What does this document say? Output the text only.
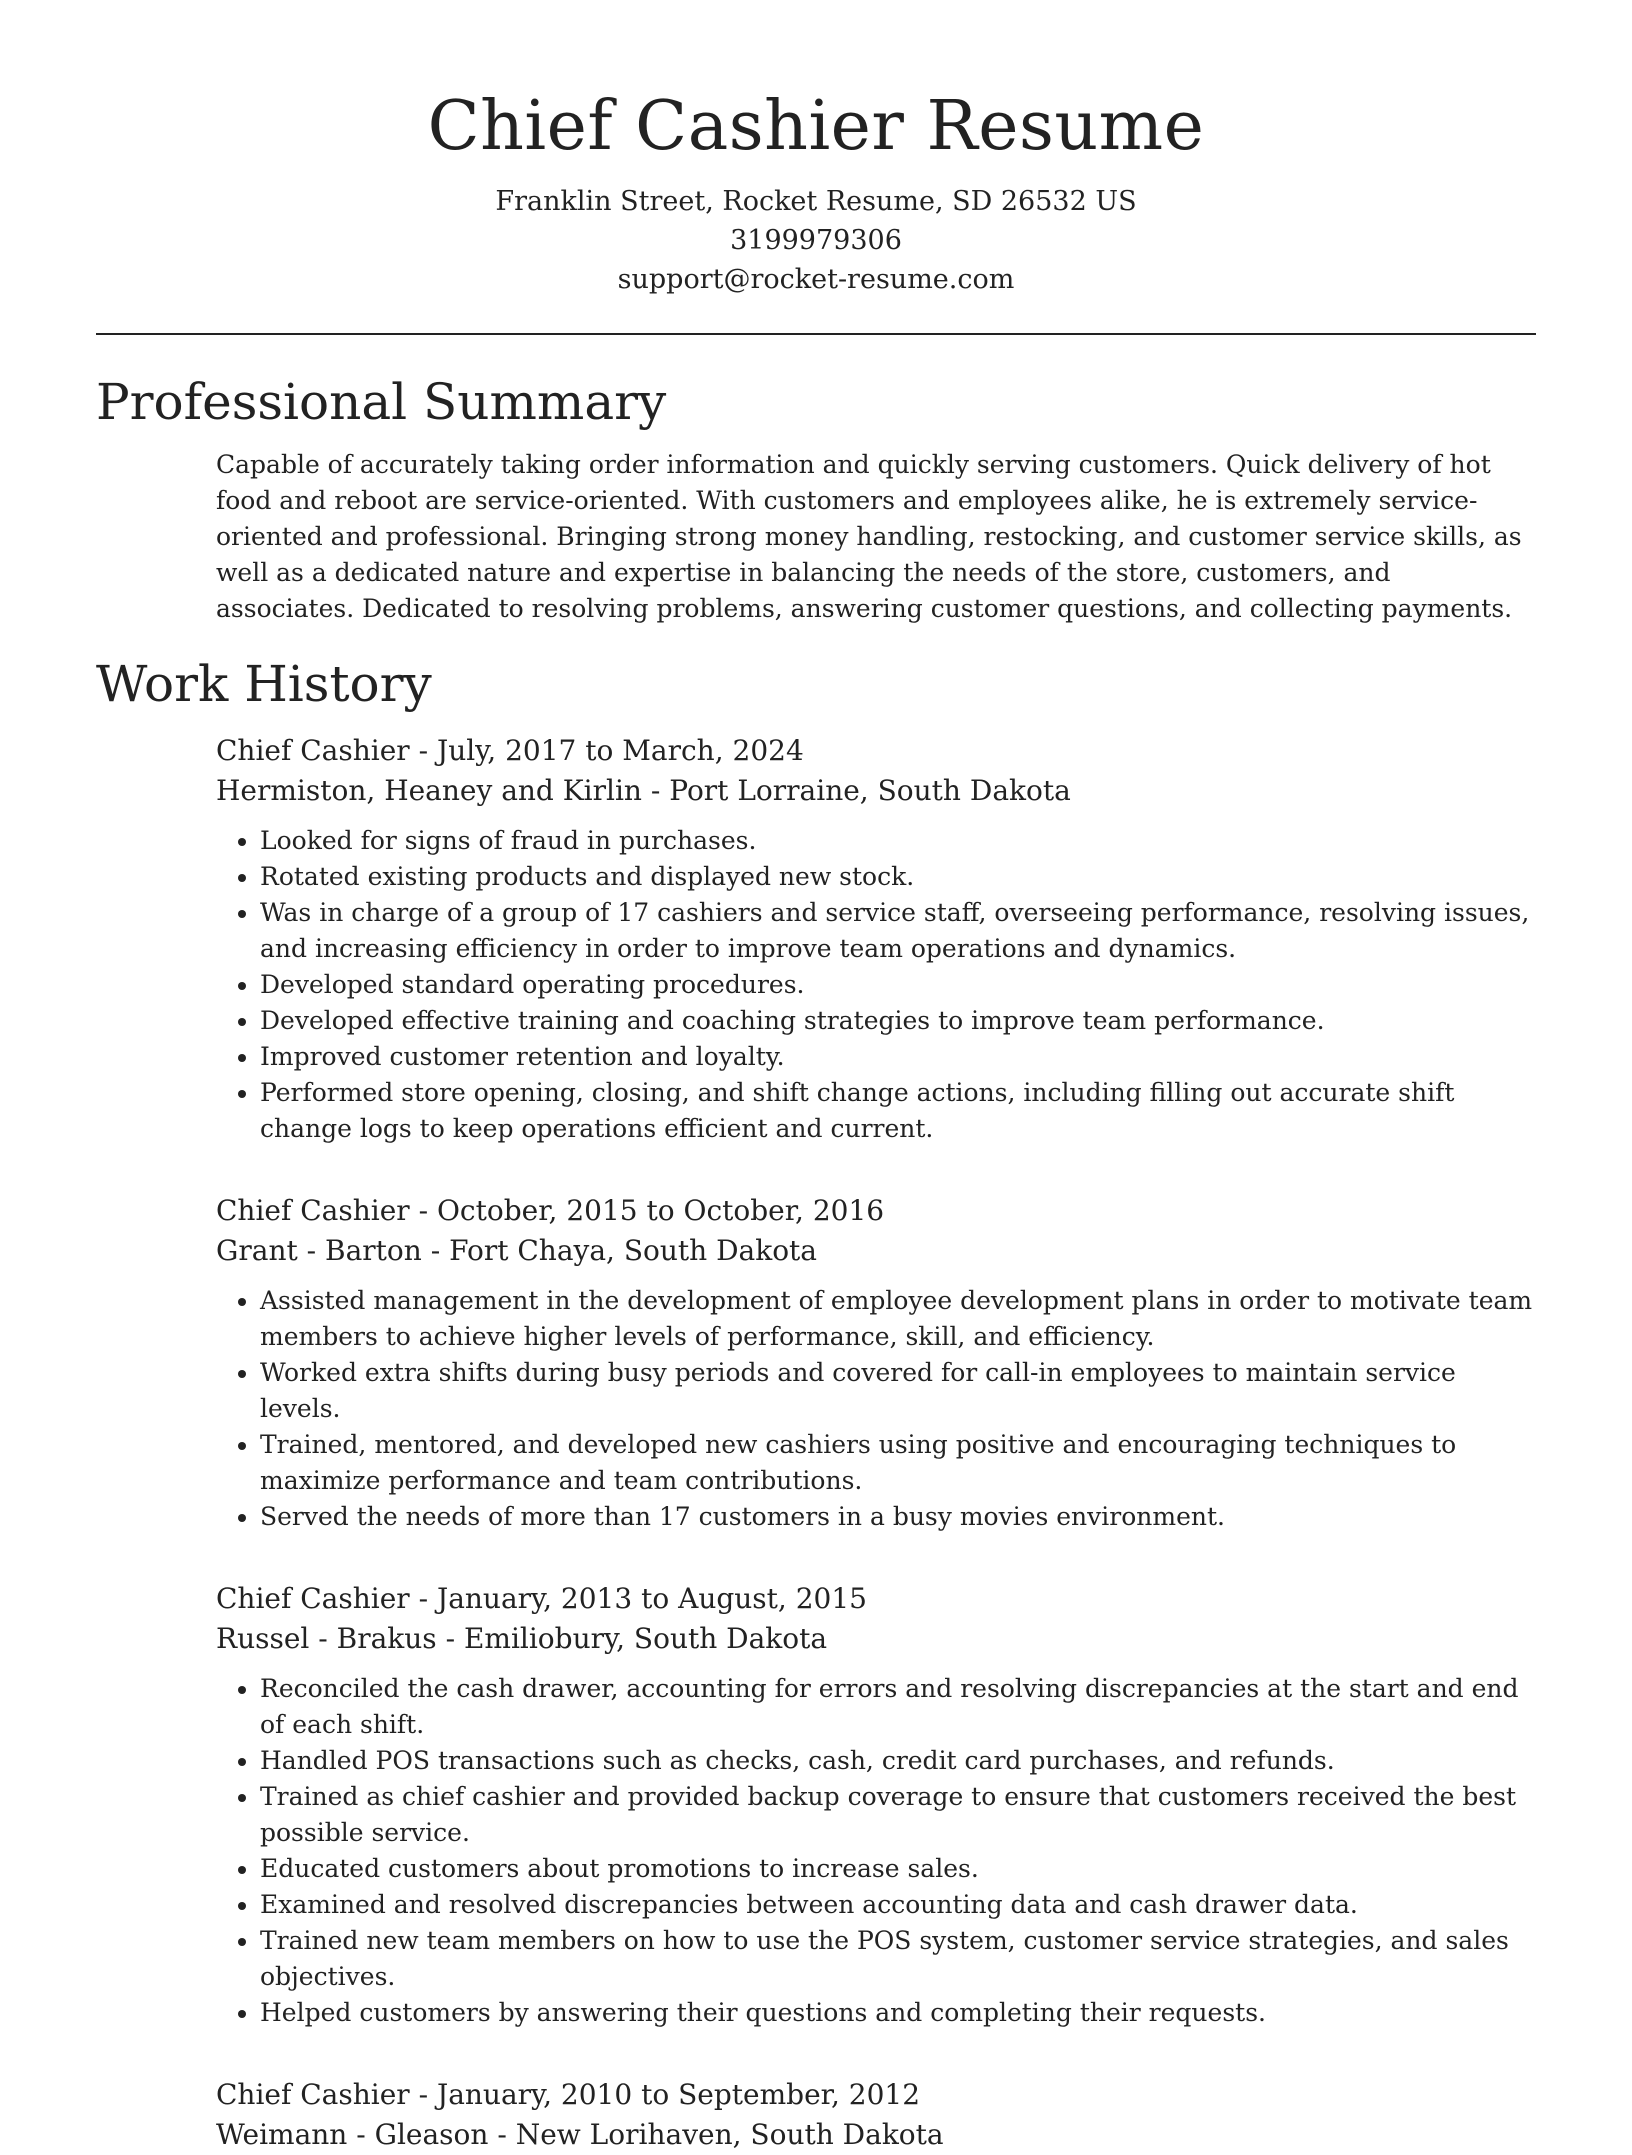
Chief Cashier Resume
Franklin Street, Rocket Resume, SD 26532 US
3199979306
support@rocket-resume.com
Professional Summary
Capable of accurately taking order information and quickly serving customers. Quick delivery of hot food and reboot are service-oriented. With customers and employees alike, he is extremely service-oriented and professional. Bringing strong money handling, restocking, and customer service skills, as well as a dedicated nature and expertise in balancing the needs of the store, customers, and associates. Dedicated to resolving problems, answering customer questions, and collecting payments.
Work History
Chief Cashier - July, 2017 to March, 2024
Hermiston, Heaney and Kirlin - Port Lorraine, South Dakota
• Looked for signs of fraud in purchases.
• Rotated existing products and displayed new stock.
• Was in charge of a group of 17 cashiers and service staff, overseeing performance, resolving issues, and increasing efficiency in order to improve team operations and dynamics.
• Developed standard operating procedures.
• Developed effective training and coaching strategies to improve team performance.
• Improved customer retention and loyalty.
• Performed store opening, closing, and shift change actions, including filling out accurate shift change logs to keep operations efficient and current.
Chief Cashier - October, 2015 to October, 2016
Grant - Barton - Fort Chaya, South Dakota
• Assisted management in the development of employee development plans in order to motivate team members to achieve higher levels of performance, skill, and efficiency.
• Worked extra shifts during busy periods and covered for call-in employees to maintain service levels.
• Trained, mentored, and developed new cashiers using positive and encouraging techniques to maximize performance and team contributions.
• Served the needs of more than 17 customers in a busy movies environment.
Chief Cashier - January, 2013 to August, 2015
Russel - Brakus - Emiliobury, South Dakota
• Reconciled the cash drawer, accounting for errors and resolving discrepancies at the start and end of each shift.
• Handled POS transactions such as checks, cash, credit card purchases, and refunds.
• Trained as chief cashier and provided backup coverage to ensure that customers received the best possible service.
• Educated customers about promotions to increase sales.
• Examined and resolved discrepancies between accounting data and cash drawer data.
• Trained new team members on how to use the POS system, customer service strategies, and sales objectives.
• Helped customers by answering their questions and completing their requests.
Chief Cashier - January, 2010 to September, 2012
Weimann - Gleason - New Lorihaven, South Dakota
